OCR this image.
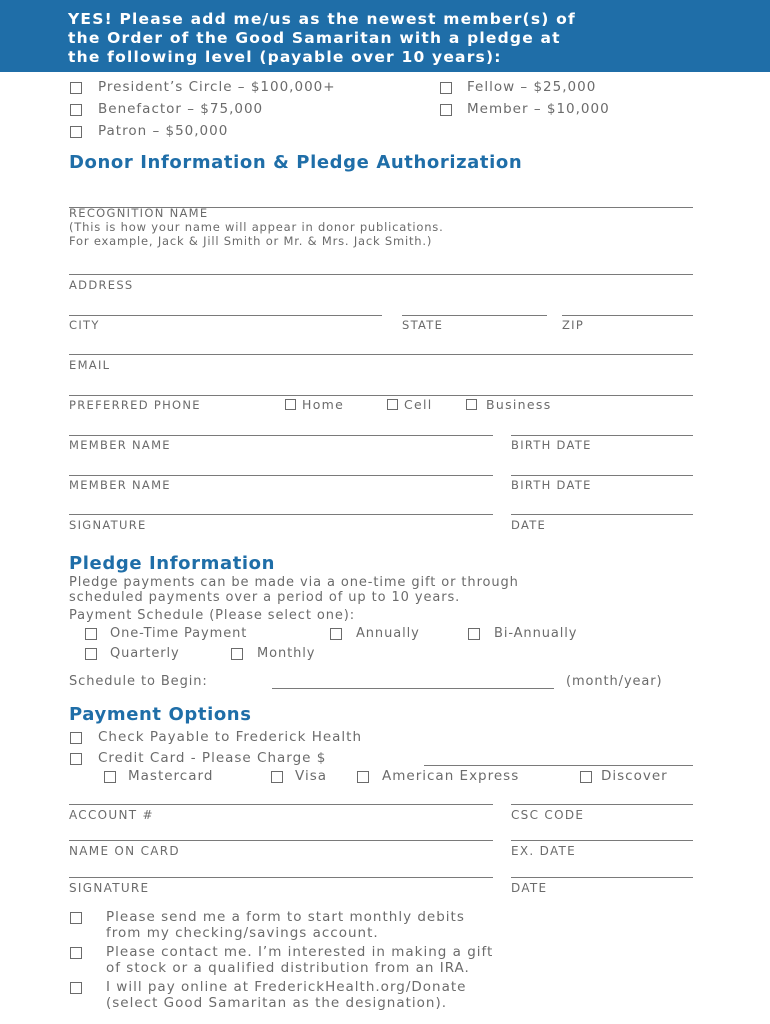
YES! Please add me/us as the newest member(s) of
the Order of the Good Samaritan with a pledge at
the following level (payable over 10 years):
President’s Circle – $100,000+	Fellow – $25,000
Benefactor – $75,000	Member – $10,000
Patron – $50,000
Donor Information & Pledge Authorization
RECOGNITION NAME
(This is how your name will appear in donor publications.
For example, Jack & Jill Smith or Mr. & Mrs. Jack Smith.)
ADDRESS
CITY	STATE	ZIP
EMAIL
PREFERRED PHONE	Home	Cell	Business
MEMBER NAME	BIRTH DATE
MEMBER NAME	BIRTH DATE
SIGNATURE	DATE
Pledge Information
Pledge payments can be made via a one-time gift or through
scheduled payments over a period of up to 10 years.
Payment Schedule (Please select one):
One-Time Payment	Annually	Bi-Annually
Quarterly	Monthly
Schedule to Begin:	(month/year)
Payment Options
Check Payable to Frederick Health
Credit Card - Please Charge $
Mastercard	Visa	American Express	Discover
ACCOUNT #	CSC CODE
NAME ON CARD	EX. DATE
SIGNATURE	DATE
Please send me a form to start monthly debits
from my checking/savings account.
Please contact me. I’m interested in making a gift
of stock or a qualified distribution from an IRA.
I will pay online at FrederickHealth.org/Donate
(select Good Samaritan as the designation).
